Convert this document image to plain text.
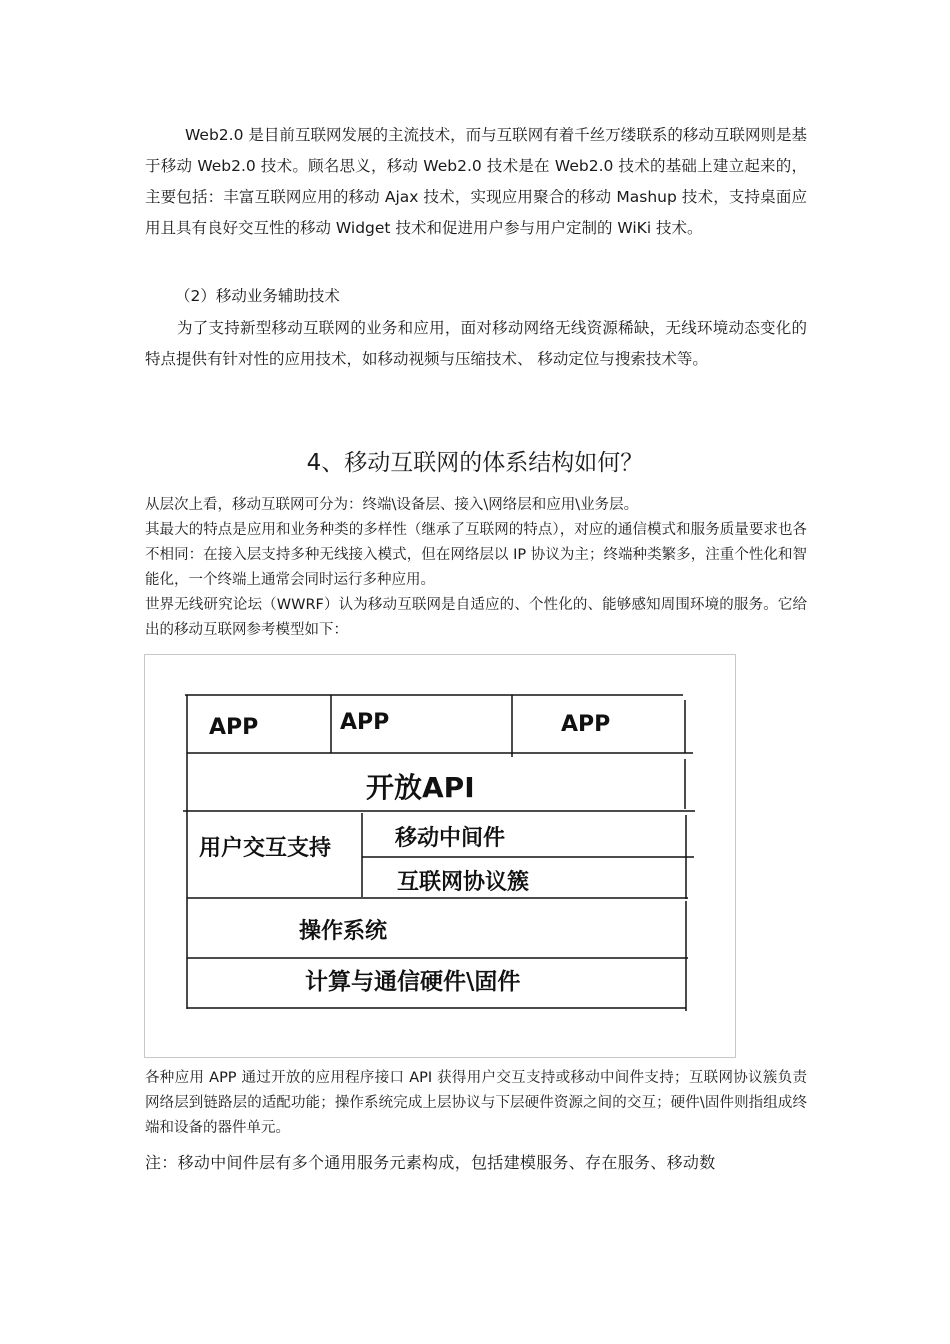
Web2.0 是目前互联网发展的主流技术，而与互联网有着千丝万缕联系的移动互联网则是基于移动 Web2.0 技术。顾名思义，移动 Web2.0 技术是在 Web2.0 技术的基础上建立起来的，主要包括：丰富互联网应用的移动 Ajax 技术，实现应用聚合的移动 Mashup 技术，支持桌面应用且具有良好交互性的移动 Widget 技术和促进用户参与用户定制的 WiKi 技术。
（2）移动业务辅助技术
为了支持新型移动互联网的业务和应用，面对移动网络无线资源稀缺，无线环境动态变化的特点提供有针对性的应用技术，如移动视频与压缩技术、 移动定位与搜索技术等。
4、移动互联网的体系结构如何？
从层次上看，移动互联网可分为：终端\设备层、接入\网络层和应用\业务层。
其最大的特点是应用和业务种类的多样性（继承了互联网的特点），对应的通信模式和服务质量要求也各不相同：在接入层支持多种无线接入模式，但在网络层以 IP 协议为主；终端种类繁多，注重个性化和智能化，一个终端上通常会同时运行多种应用。
世界无线研究论坛（WWRF）认为移动互联网是自适应的、个性化的、能够感知周围环境的服务。它给出的移动互联网参考模型如下：
APP	APP	APP
开放API
用户交互支持	移动中间件
互联网协议簇
操作系统
计算与通信硬件\固件
各种应用 APP 通过开放的应用程序接口 API 获得用户交互支持或移动中间件支持；互联网协议簇负责网络层到链路层的适配功能；操作系统完成上层协议与下层硬件资源之间的交互；硬件\固件则指组成终端和设备的器件单元。
注：移动中间件层有多个通用服务元素构成，包括建模服务、存在服务、移动数
